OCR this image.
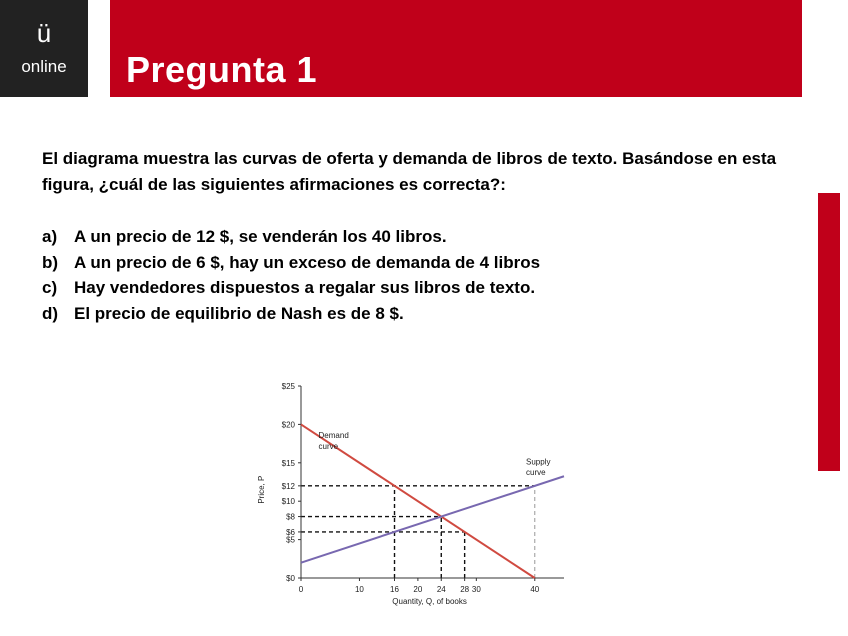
ü
online	Pregunta 1
El diagrama muestra las curvas de oferta y demanda de libros de texto. Basándose en esta figura, ¿cuál de las siguientes afirmaciones es correcta?:
a) A un precio de 12 $, se venderán los 40 libros.
b) A un precio de 6 $, hay un exceso de demanda de 4 libros
c) Hay vendedores dispuestos a regalar sus libros de texto.
d) El precio de equilibrio de Nash es de 8 $.
$0
$5
$6
$8
$10
$12
$15
$20
$25
0	10	16 20 24 28 30	40
Demand
curve
Supply
curve
Quantity, Q, of books
Price, P
